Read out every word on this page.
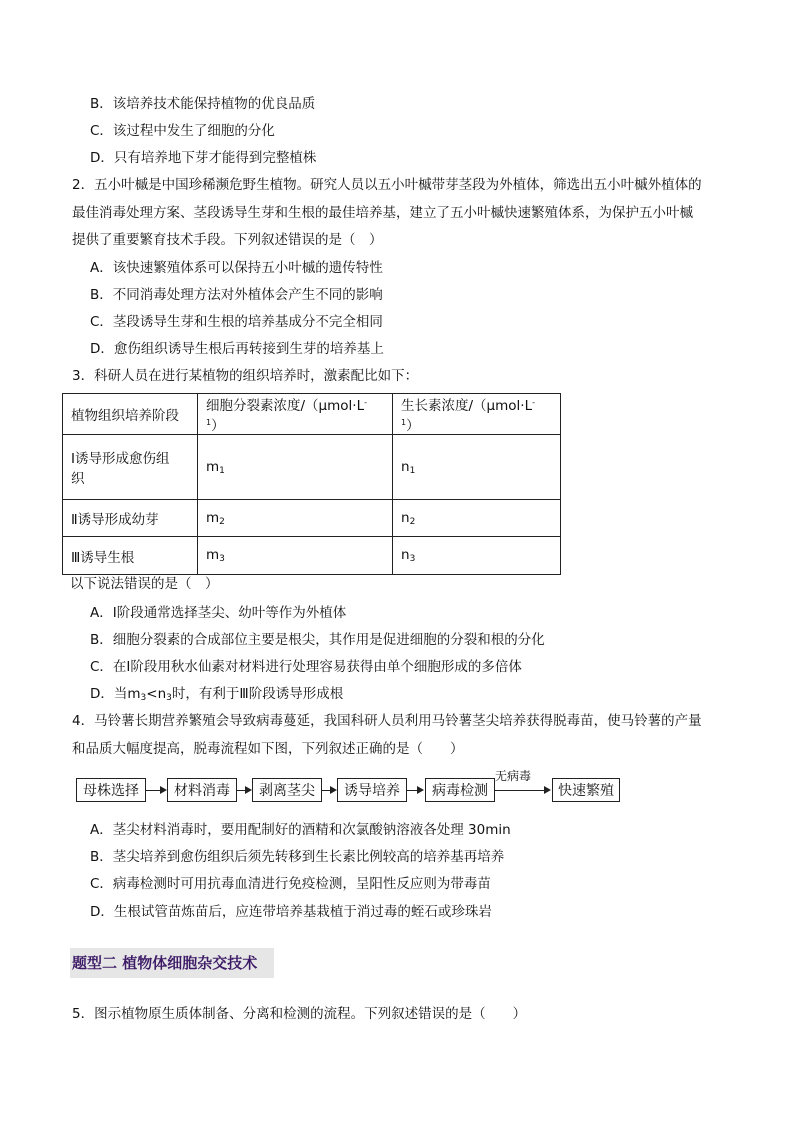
B．该培养技术能保持植物的优良品质
C．该过程中发生了细胞的分化
D．只有培养地下芽才能得到完整植株
2．五小叶槭是中国珍稀濒危野生植物。研究人员以五小叶槭带芽茎段为外植体，筛选出五小叶槭外植体的
最佳消毒处理方案、茎段诱导生芽和生根的最佳培养基，建立了五小叶槭快速繁殖体系，为保护五小叶槭
提供了重要繁育技术手段。下列叙述错误的是（　）
A．该快速繁殖体系可以保持五小叶槭的遗传特性
B．不同消毒处理方法对外植体会产生不同的影响
C．茎段诱导生芽和生根的培养基成分不完全相同
D．愈伤组织诱导生根后再转接到生芽的培养基上
3．科研人员在进行某植物的组织培养时，激素配比如下：
植物组织培养阶段	细胞分裂素浓度$/(\mu mol\cdot L^{-1})$	生长素浓度$/(\mu mol\cdot L^{-1})$

Ⅰ诱导形成愈伤组
织	$m_1$	$n_1$
Ⅱ诱导形成幼芽	$m_2$	$n_2$
Ⅲ诱导生根	$m_3$	$n_3$
以下说法错误的是（　）
A．Ⅰ阶段通常选择茎尖、幼叶等作为外植体
B．细胞分裂素的合成部位主要是根尖，其作用是促进细胞的分裂和根的分化
C．在Ⅰ阶段用秋水仙素对材料进行处理容易获得由单个细胞形成的多倍体
D．当$m_3<n_3$时，有利于Ⅲ阶段诱导形成根
4．马铃薯长期营养繁殖会导致病毒蔓延，我国科研人员利用马铃薯茎尖培养获得脱毒苗，使马铃薯的产量
和品质大幅度提高，脱毒流程如下图，下列叙述正确的是（　　）
母株选择	材料消毒	剥离茎尖	诱导培养	病毒检测
无病毒
快速繁殖
A．茎尖材料消毒时，要用配制好的酒精和次氯酸钠溶液各处理 30min
B．茎尖培养到愈伤组织后须先转移到生长素比例较高的培养基再培养
C．病毒检测时可用抗毒血清进行免疫检测，呈阳性反应则为带毒苗
D．生根试管苗炼苗后，应连带培养基栽植于消过毒的蛭石或珍珠岩
题型二 植物体细胞杂交技术
5．图示植物原生质体制备、分离和检测的流程。下列叙述错误的是（　　）
